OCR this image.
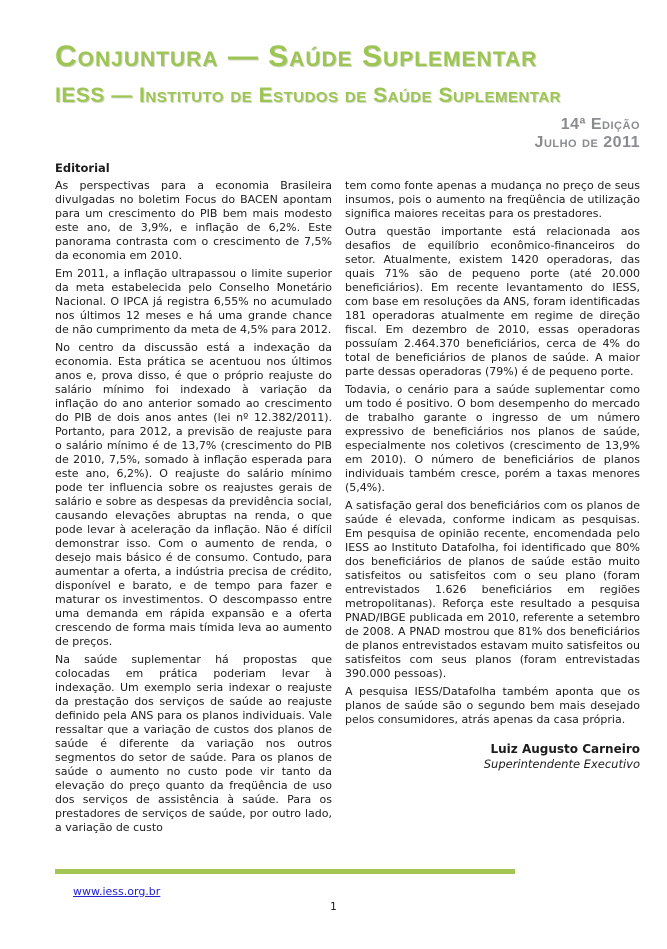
Conjuntura — Saúde Suplementar
IESS — Instituto de Estudos de Saúde Suplementar
14ª Edição
Julho de 2011
Editorial

As perspectivas para a economia Brasileira divulgadas no boletim Focus do BACEN apontam para um crescimento do PIB bem mais modesto este ano, de 3,9%, e inflação de 6,2%. Este panorama contrasta com o crescimento de 7,5% da economia em 2010.

Em 2011, a inflação ultrapassou o limite superior da meta estabelecida pelo Conselho Monetário Nacional. O IPCA já registra 6,55% no acumulado nos últimos 12 meses e há uma grande chance de não cumprimento da meta de 4,5% para 2012.

No centro da discussão está a indexação da economia. Esta prática se acentuou nos últimos anos e, prova disso, é que o próprio reajuste do salário mínimo foi indexado à variação da inflação do ano anterior somado ao crescimento do PIB de dois anos antes (lei nº 12.382/2011). Portanto, para 2012, a previsão de reajuste para o salário mínimo é de 13,7% (crescimento do PIB de 2010, 7,5%, somado à inflação esperada para este ano, 6,2%). O reajuste do salário mínimo pode ter influencia sobre os reajustes gerais de salário e sobre as despesas da previdência social, causando elevações abruptas na renda, o que pode levar à aceleração da inflação. Não é difícil demonstrar isso. Com o aumento de renda, o desejo mais básico é de consumo. Contudo, para aumentar a oferta, a indústria precisa de crédito, disponível e barato, e de tempo para fazer e maturar os investimentos. O descompasso entre uma demanda em rápida expansão e a oferta crescendo de forma mais tímida leva ao aumento de preços.

Na saúde suplementar há propostas que colocadas em prática poderiam levar à indexação. Um exemplo seria indexar o reajuste da prestação dos serviços de saúde ao reajuste definido pela ANS para os planos individuais. Vale ressaltar que a variação de custos dos planos de saúde é diferente da variação nos outros segmentos do setor de saúde. Para os planos de saúde o aumento no custo pode vir tanto da elevação do preço quanto da freqüência de uso dos serviços de assistência à saúde. Para os prestadores de serviços de saúde, por outro lado, a variação de custo

tem como fonte apenas a mudança no preço de seus insumos, pois o aumento na freqüência de utilização significa maiores receitas para os prestadores.

Outra questão importante está relacionada aos desafios de equilíbrio econômico-financeiros do setor. Atualmente, existem 1420 operadoras, das quais 71% são de pequeno porte (até 20.000 beneficiários). Em recente levantamento do IESS, com base em resoluções da ANS, foram identificadas 181 operadoras atualmente em regime de direção fiscal. Em dezembro de 2010, essas operadoras possuíam 2.464.370 beneficiários, cerca de 4% do total de beneficiários de planos de saúde. A maior parte dessas operadoras (79%) é de pequeno porte.

Todavia, o cenário para a saúde suplementar como um todo é positivo. O bom desempenho do mercado de trabalho garante o ingresso de um número expressivo de beneficiários nos planos de saúde, especialmente nos coletivos (crescimento de 13,9% em 2010). O número de beneficiários de planos individuais também cresce, porém a taxas menores (5,4%).

A satisfação geral dos beneficiários com os planos de saúde é elevada, conforme indicam as pesquisas. Em pesquisa de opinião recente, encomendada pelo IESS ao Instituto Datafolha, foi identificado que 80% dos beneficiários de planos de saúde estão muito satisfeitos ou satisfeitos com o seu plano (foram entrevistados 1.626 beneficiários em regiões metropolitanas). Reforça este resultado a pesquisa PNAD/IBGE publicada em 2010, referente a setembro de 2008. A PNAD mostrou que 81% dos beneficiários de planos entrevistados estavam muito satisfeitos ou satisfeitos com seus planos (foram entrevistadas 390.000 pessoas).

A pesquisa IESS/Datafolha também aponta que os planos de saúde são o segundo bem mais desejado pelos consumidores, atrás apenas da casa própria.

Luiz Augusto Carneiro
Superintendente Executivo
www.iess.org.br
1
